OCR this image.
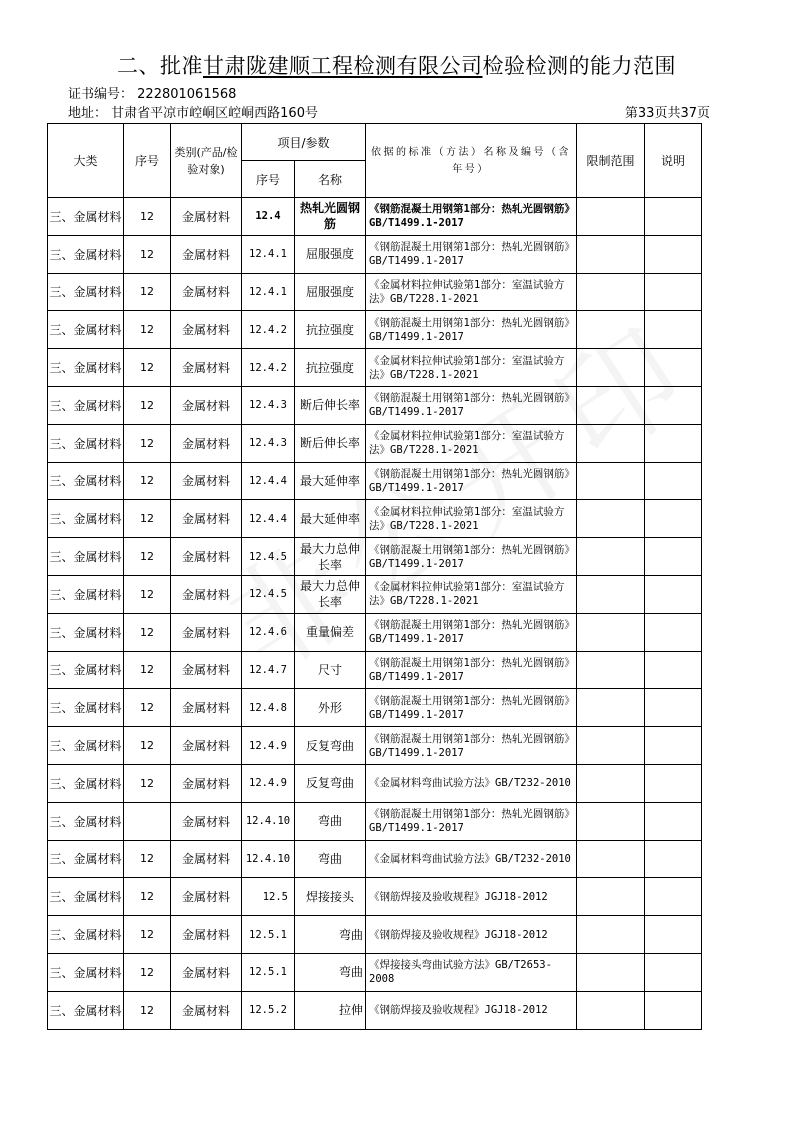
二、批准甘肃陇建顺工程检测有限公司检验检测的能力范围
证书编号： 222801061568
地址： 甘肃省平凉市崆峒区崆峒西路160号	第33页共37页
大类	序号	类别(产品/检验对象)	项目/参数		依据的标准（方法）名称及编号（含年号）	限制范围	说明
			序号	名称			
三、金属材料	12	金属材料	12.4	热轧光圆钢筋	《钢筋混凝土用钢第1部分：热轧光圆钢筋》GB/T1499.1-2017		
三、金属材料	12	金属材料	12.4.1	屈服强度	《钢筋混凝土用钢第1部分：热轧光圆钢筋》GB/T1499.1-2017		
三、金属材料	12	金属材料	12.4.1	屈服强度	《金属材料拉伸试验第1部分：室温试验方法》GB/T228.1-2021		
三、金属材料	12	金属材料	12.4.2	抗拉强度	《钢筋混凝土用钢第1部分：热轧光圆钢筋》GB/T1499.1-2017		
三、金属材料	12	金属材料	12.4.2	抗拉强度	《金属材料拉伸试验第1部分：室温试验方法》GB/T228.1-2021		
三、金属材料	12	金属材料	12.4.3	断后伸长率	《钢筋混凝土用钢第1部分：热轧光圆钢筋》GB/T1499.1-2017		
三、金属材料	12	金属材料	12.4.3	断后伸长率	《金属材料拉伸试验第1部分：室温试验方法》GB/T228.1-2021		
三、金属材料	12	金属材料	12.4.4	最大延伸率	《钢筋混凝土用钢第1部分：热轧光圆钢筋》GB/T1499.1-2017		
三、金属材料	12	金属材料	12.4.4	最大延伸率	《金属材料拉伸试验第1部分：室温试验方法》GB/T228.1-2021		
三、金属材料	12	金属材料	12.4.5	最大力总伸长率	《钢筋混凝土用钢第1部分：热轧光圆钢筋》GB/T1499.1-2017		
三、金属材料	12	金属材料	12.4.5	最大力总伸长率	《金属材料拉伸试验第1部分：室温试验方法》GB/T228.1-2021		
三、金属材料	12	金属材料	12.4.6	重量偏差	《钢筋混凝土用钢第1部分：热轧光圆钢筋》GB/T1499.1-2017		
三、金属材料	12	金属材料	12.4.7	尺寸	《钢筋混凝土用钢第1部分：热轧光圆钢筋》GB/T1499.1-2017		
三、金属材料	12	金属材料	12.4.8	外形	《钢筋混凝土用钢第1部分：热轧光圆钢筋》GB/T1499.1-2017		
三、金属材料	12	金属材料	12.4.9	反复弯曲	《钢筋混凝土用钢第1部分：热轧光圆钢筋》GB/T1499.1-2017		
三、金属材料	12	金属材料	12.4.9	反复弯曲	《金属材料弯曲试验方法》GB/T232-2010		
三、金属材料		金属材料	12.4.10	弯曲	《钢筋混凝土用钢第1部分：热轧光圆钢筋》GB/T1499.1-2017		
三、金属材料	12	金属材料	12.4.10	弯曲	《金属材料弯曲试验方法》GB/T232-2010		
三、金属材料	12	金属材料	12.5	焊接接头	《钢筋焊接及验收规程》JGJ18-2012		
三、金属材料	12	金属材料	12.5.1	弯曲	《钢筋焊接及验收规程》JGJ18-2012		
三、金属材料	12	金属材料	12.5.1	弯曲	《焊接接头弯曲试验方法》GB/T2653-2008		
三、金属材料	12	金属材料	12.5.2	拉伸	《钢筋焊接及验收规程》JGJ18-2012		
